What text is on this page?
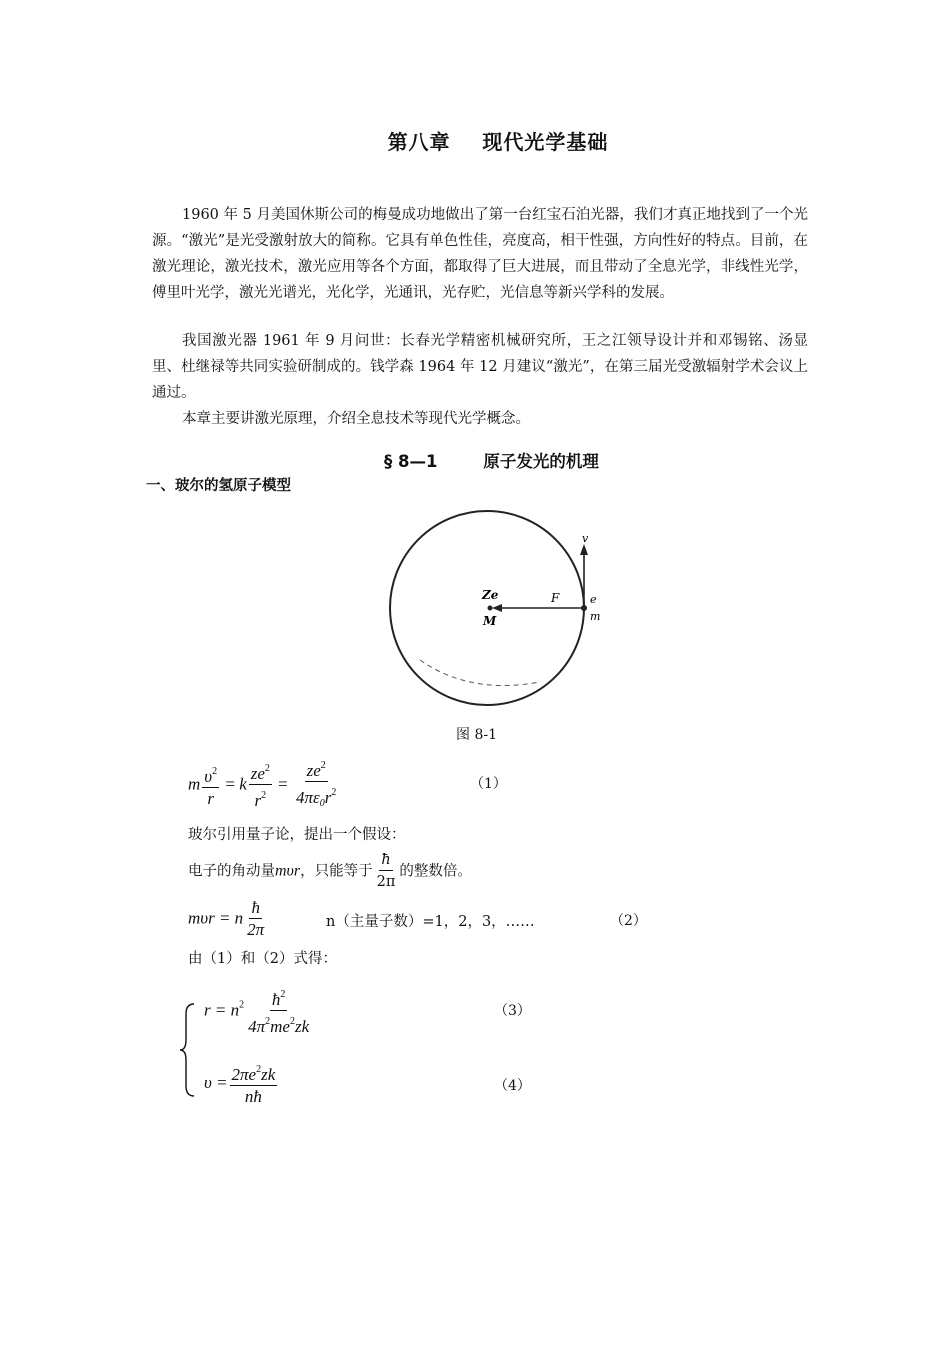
第八章    现代光学基础

1960 年 5 月美国休斯公司的梅曼成功地做出了第一台红宝石泊光器，我们才真正地找到了一个光源。“激光”是光受激射放大的简称。它具有单色性佳，亮度高，相干性强，方向性好的特点。目前，在激光理论，激光技术，激光应用等各个方面，都取得了巨大进展，而且带动了全息光学，非线性光学，傅里叶光学，激光光谱光，光化学，光通讯，光存贮，光信息等新兴学科的发展。

我国激光器 1961 年 9 月问世：长春光学精密机械研究所，王之江领导设计并和邓锡铭、汤显里、杜继禄等共同实验研制成的。钱学森 1964 年 12 月建议“激光”，在第三届光受激辐射学术会议上通过。

本章主要讲激光原理，介绍全息技术等现代光学概念。

§ 8—1        原子发光的机理
一、玻尔的氢原子模型
Ze
M
F	e
m
v
图 8-1
m $\frac{\upsilon^2}{r} = k \frac{ze^2}{r^2} = \frac{ze^2}{4\pi\varepsilon_0r^2}$	（1）
玻尔引用量子论，提出一个假设：
电子的角动量mυr，只能等于 $\frac{ħ}{2\pi}$ 的整数倍。
mυr = n $\frac{ħ}{2\pi}$	n（主量子数）=1，2，3，……	（2）
由（1）和（2）式得：
$r = n^2 \frac{ħ^2}{4\pi^2me^2zk}$	（3）
$\upsilon = \frac{2\pi e^2zk}{nħ}$	（4）
